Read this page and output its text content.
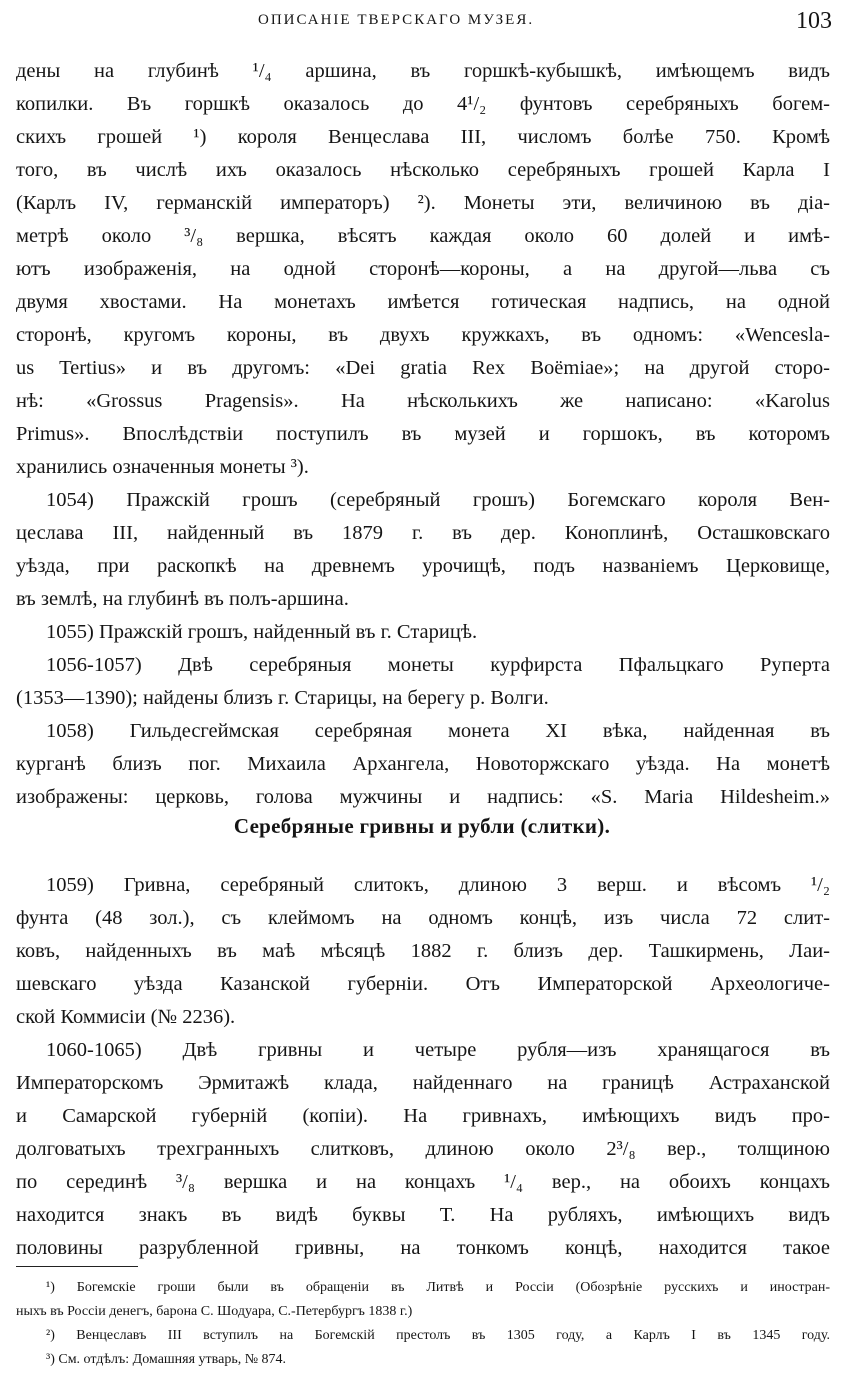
ОПИСАНІЕ ТВЕРСКАГО МУЗЕЯ.	103
дены на глубинѣ ¹/₄ аршина, въ горшкѣ-кубышкѣ, имѣющемъ видъ
копилки. Въ горшкѣ оказалось до 4¹/₂ фунтовъ серебряныхъ богем-
скихъ грошей ¹) короля Венцеслава III, числомъ болѣе 750. Кромѣ
того, въ числѣ ихъ оказалось нѣсколько серебряныхъ грошей Карла I
(Карлъ IV, германскій императоръ) ²). Монеты эти, величиною въ діа-
метрѣ около ³/₈ вершка, вѣсятъ каждая около 60 долей и имѣ-
ютъ изображенія, на одной сторонѣ—короны, а на другой—льва съ
двумя хвостами. На монетахъ имѣется готическая надпись, на одной
сторонѣ, кругомъ короны, въ двухъ кружкахъ, въ одномъ: «Wencesla-
us Tertius» и въ другомъ: «Dei gratia Rex Boëmiae»; на другой сторо-
нѣ: «Grossus Pragensis». На нѣсколькихъ же написано: «Karolus
Primus». Впослѣдствіи поступилъ въ музей и горшокъ, въ которомъ
хранились означенныя монеты ³).
1054) Пражскій грошъ (серебряный грошъ) Богемскаго короля Вен-
цеслава III, найденный въ 1879 г. въ дер. Коноплинѣ, Осташковскаго
уѣзда, при раскопкѣ на древнемъ урочищѣ, подъ названіемъ Церковище,
въ землѣ, на глубинѣ въ полъ-аршина.
1055) Пражскій грошъ, найденный въ г. Старицѣ.
1056-1057) Двѣ серебряныя монеты курфирста Пфальцкаго Руперта
(1353—1390); найдены близъ г. Старицы, на берегу р. Волги.
1058) Гильдесгеймская серебряная монета XI вѣка, найденная въ
курганѣ близъ пог. Михаила Архангела, Новоторжскаго уѣзда. На монетѣ
изображены: церковь, голова мужчины и надпись: «S. Maria Hildesheim.»
Серебряные гривны и рубли (слитки).
1059) Гривна, серебряный слитокъ, длиною 3 верш. и вѣсомъ ¹/₂
фунта (48 зол.), съ клеймомъ на одномъ концѣ, изъ числа 72 слит-
ковъ, найденныхъ въ маѣ мѣсяцѣ 1882 г. близъ дер. Ташкирмень, Лаи-
шевскаго уѣзда Казанской губерніи. Отъ Императорской Археологиче-
ской Коммисіи (№ 2236).
1060-1065) Двѣ гривны и четыре рубля—изъ хранящагося въ
Императорскомъ Эрмитажѣ клада, найденнаго на границѣ Астраханской
и Самарской губерній (копіи). На гривнахъ, имѣющихъ видъ про-
долговатыхъ трехгранныхъ слитковъ, длиною около 2³/₈ вер., толщиною
по серединѣ ³/₈ вершка и на концахъ ¹/₄ вер., на обоихъ концахъ
находится знакъ въ видѣ буквы Т. На рубляхъ, имѣющихъ видъ
половины разрубленной гривны, на тонкомъ концѣ, находится такое
¹) Богемскіе гроши были въ обращеніи въ Литвѣ и Россіи (Обозрѣніе русскихъ и иностран-
ныхъ въ Россіи денегъ, барона С. Шодуара, С.-Петербургъ 1838 г.)
²) Венцеславъ III вступилъ на Богемскій престолъ въ 1305 году, а Карлъ I въ 1345 году.
³) См. отдѣлъ: Домашняя утварь, № 874.
